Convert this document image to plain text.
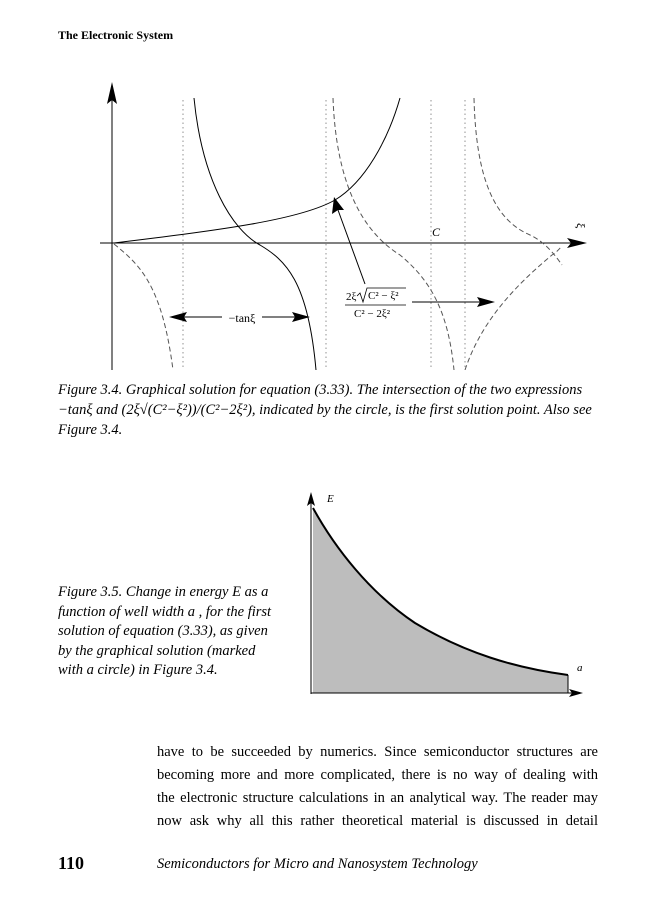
The Electronic System
−tanξ
2ξ C² − ξ²
C² − 2ξ²
C	ξ
Figure 3.4. Graphical solution for equation (3.33). The intersection of the two expressions −tanξ and (2ξ√(C²−ξ²))/(C²−2ξ²), indicated by the circle, is the first solution point. Also see Figure 3.4.
E
a
Figure 3.5. Change in energy E as a function of well width a , for the first solution of equation (3.33), as given by the graphical solution (marked with a circle) in Figure 3.4.
have to be succeeded by numerics. Since semiconductor structures are
becoming more and more complicated, there is no way of dealing with
the electronic structure calculations in an analytical way. The reader may
now ask why all this rather theoretical material is discussed in detail
110	Semiconductors for Micro and Nanosystem Technology
